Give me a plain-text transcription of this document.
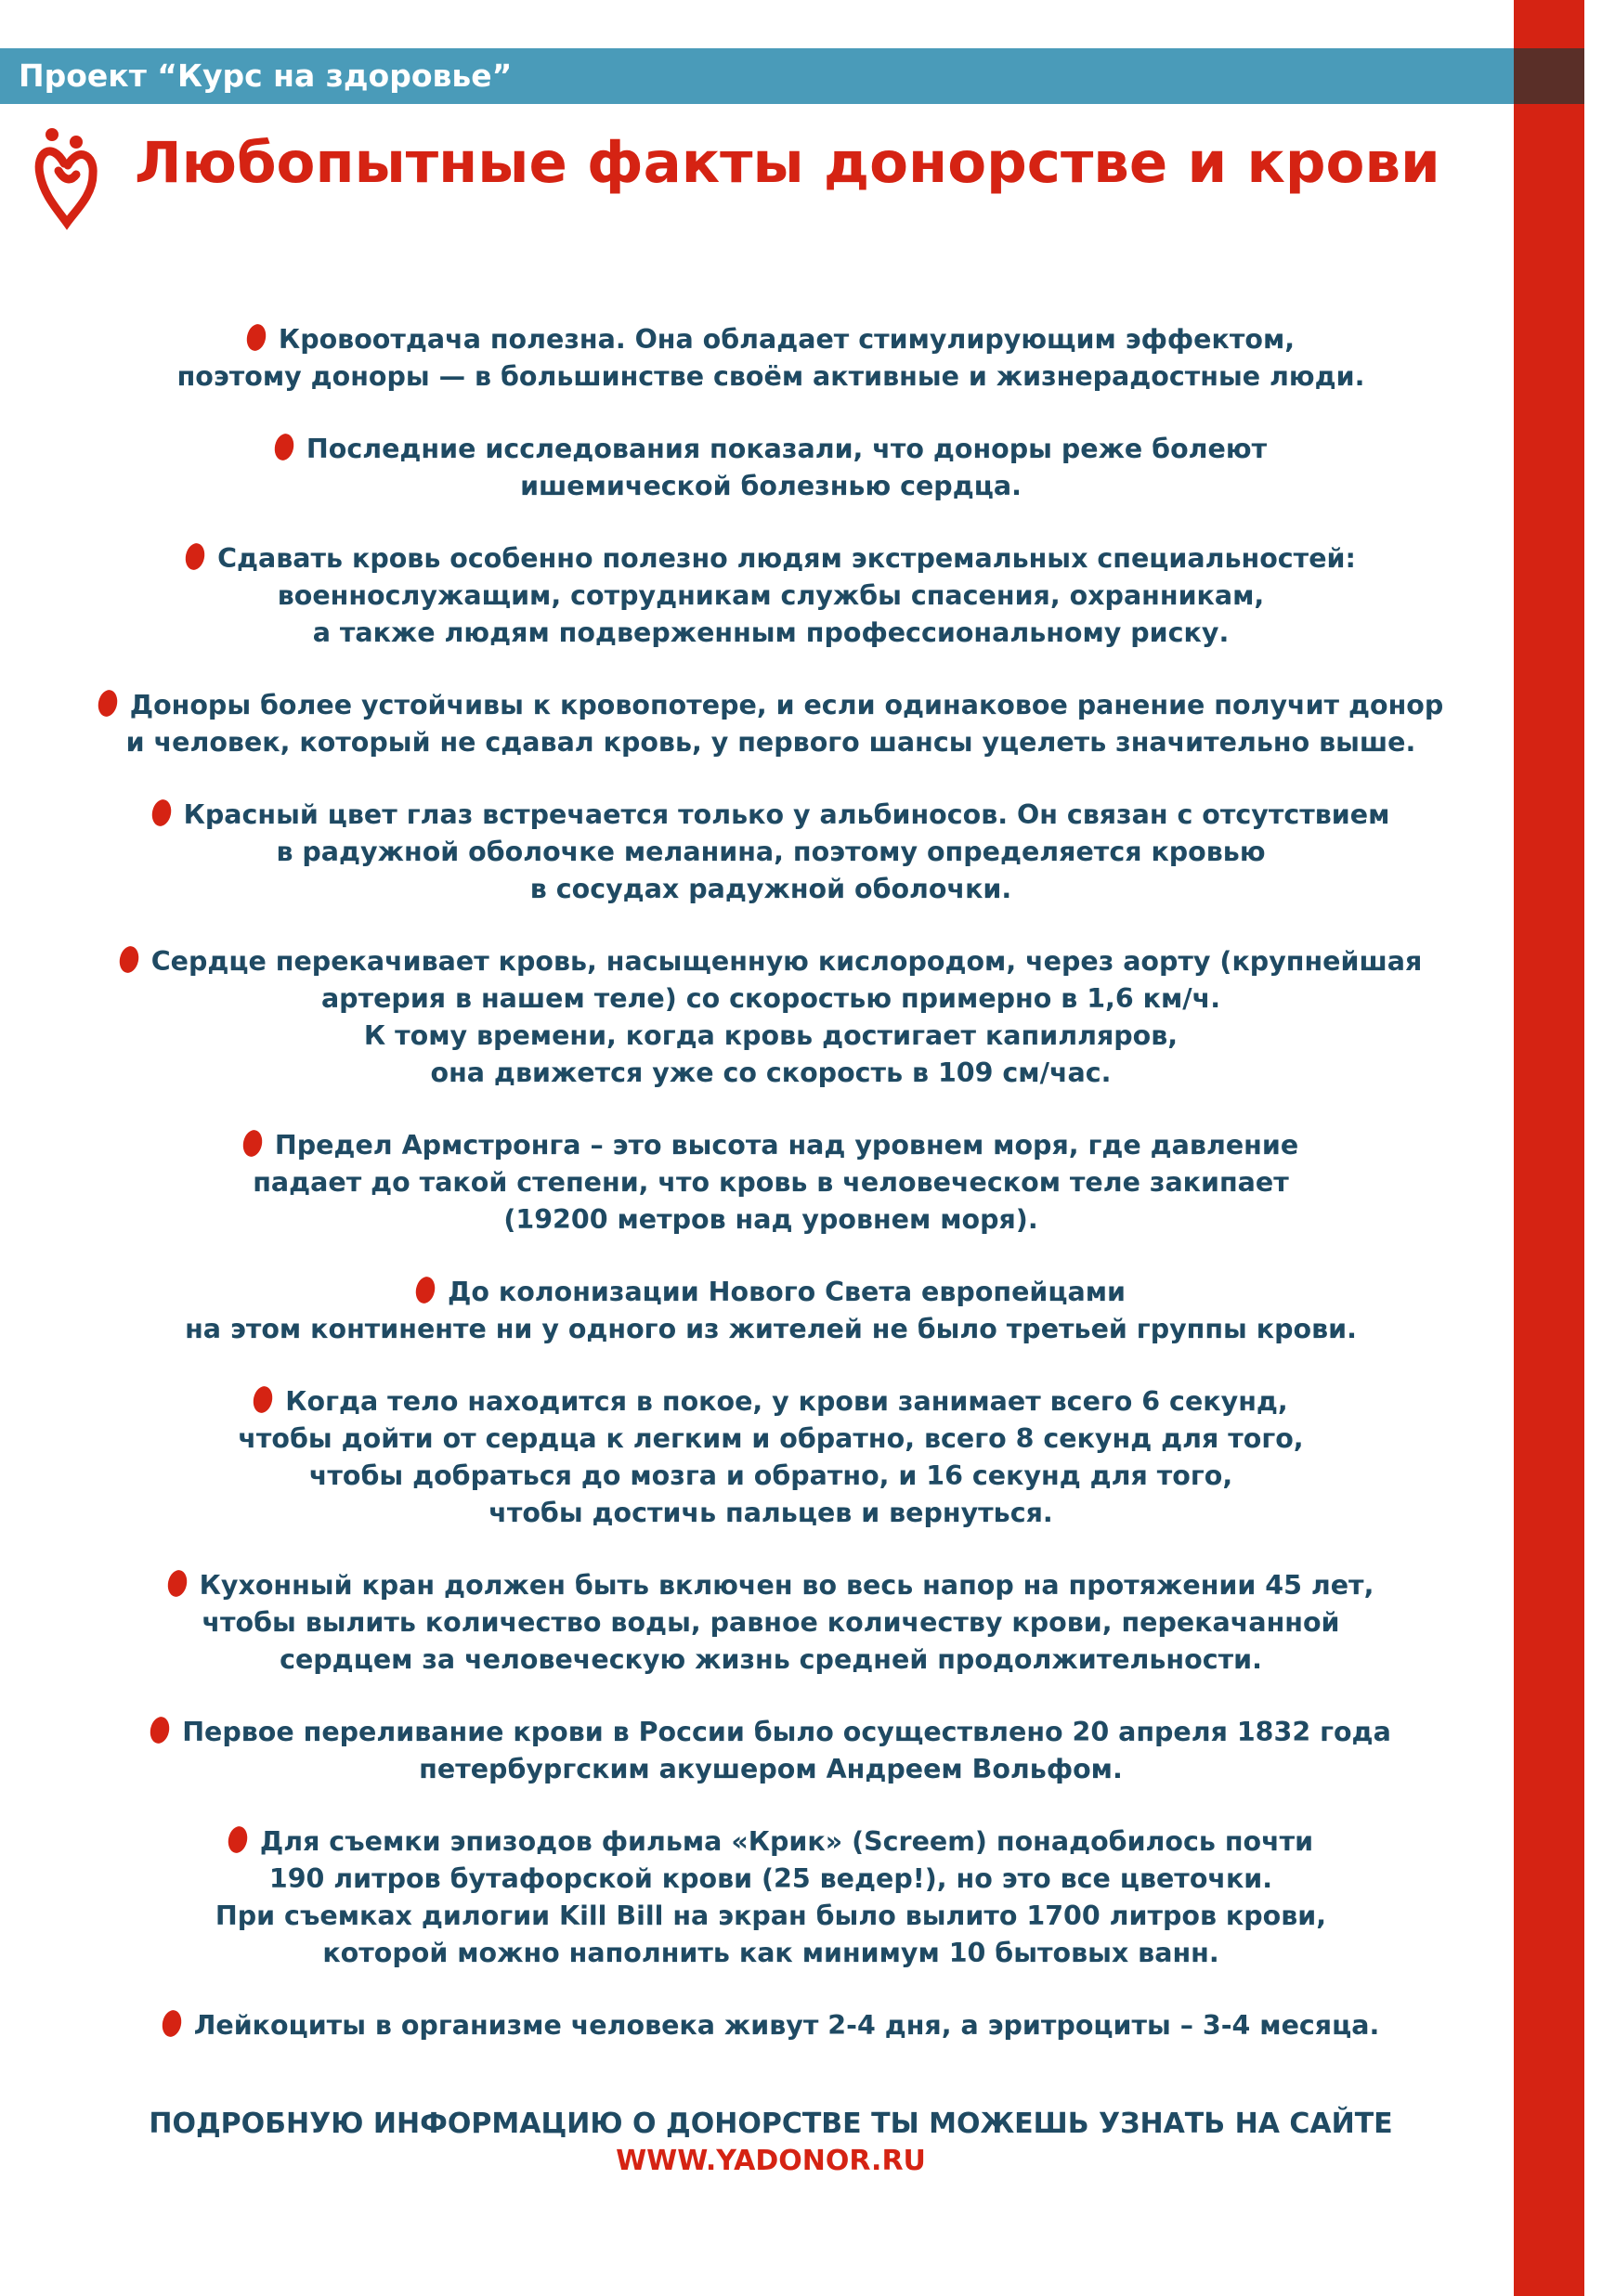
Проект “Курс на здоровье”
Любопытные факты донорстве и крови
Кровоотдача полезна. Она обладает стимулирующим эффектом,
поэтому доноры — в большинстве своём активные и жизнерадостные люди.
Последние исследования показали, что доноры реже болеют
ишемической болезнью сердца.
Сдавать кровь особенно полезно людям экстремальных специальностей:
военнослужащим, сотрудникам службы спасения, охранникам,
а также людям подверженным профессиональному риску.
Доноры более устойчивы к кровопотере, и если одинаковое ранение получит донор
и человек, который не сдавал кровь, у первого шансы уцелеть значительно выше.
Красный цвет глаз встречается только у альбиносов. Он связан с отсутствием
в радужной оболочке меланина, поэтому определяется кровью
в сосудах радужной оболочки.
Сердце перекачивает кровь, насыщенную кислородом, через аорту (крупнейшая
артерия в нашем теле) со скоростью примерно в 1,6 км/ч.
К тому времени, когда кровь достигает капилляров,
она движется уже со скорость в 109 см/час.
Предел Армстронга – это высота над уровнем моря, где давление
падает до такой степени, что кровь в человеческом теле закипает
(19200 метров над уровнем моря).
До колонизации Нового Света европейцами
на этом континенте ни у одного из жителей не было третьей группы крови.
Когда тело находится в покое, у крови занимает всего 6 секунд,
чтобы дойти от сердца к легким и обратно, всего 8 секунд для того,
чтобы добраться до мозга и обратно, и 16 секунд для того,
чтобы достичь пальцев и вернуться.
Кухонный кран должен быть включен во весь напор на протяжении 45 лет,
чтобы вылить количество воды, равное количеству крови, перекачанной
сердцем за человеческую жизнь средней продолжительности.
Первое переливание крови в России было осуществлено 20 апреля 1832 года
петербургским акушером Андреем Вольфом.
Для съемки эпизодов фильма «Крик» (Screem) понадобилось почти
190 литров бутафорской крови (25 ведер!), но это все цветочки.
При съемках дилогии Kill Bill на экран было вылито 1700 литров крови,
которой можно наполнить как минимум 10 бытовых ванн.
Лейкоциты в организме человека живут 2-4 дня, а эритроциты – 3-4 месяца.
ПОДРОБНУЮ ИНФОРМАЦИЮ О ДОНОРСТВЕ ТЫ МОЖЕШЬ УЗНАТЬ НА САЙТЕ
WWW.YADONOR.RU
